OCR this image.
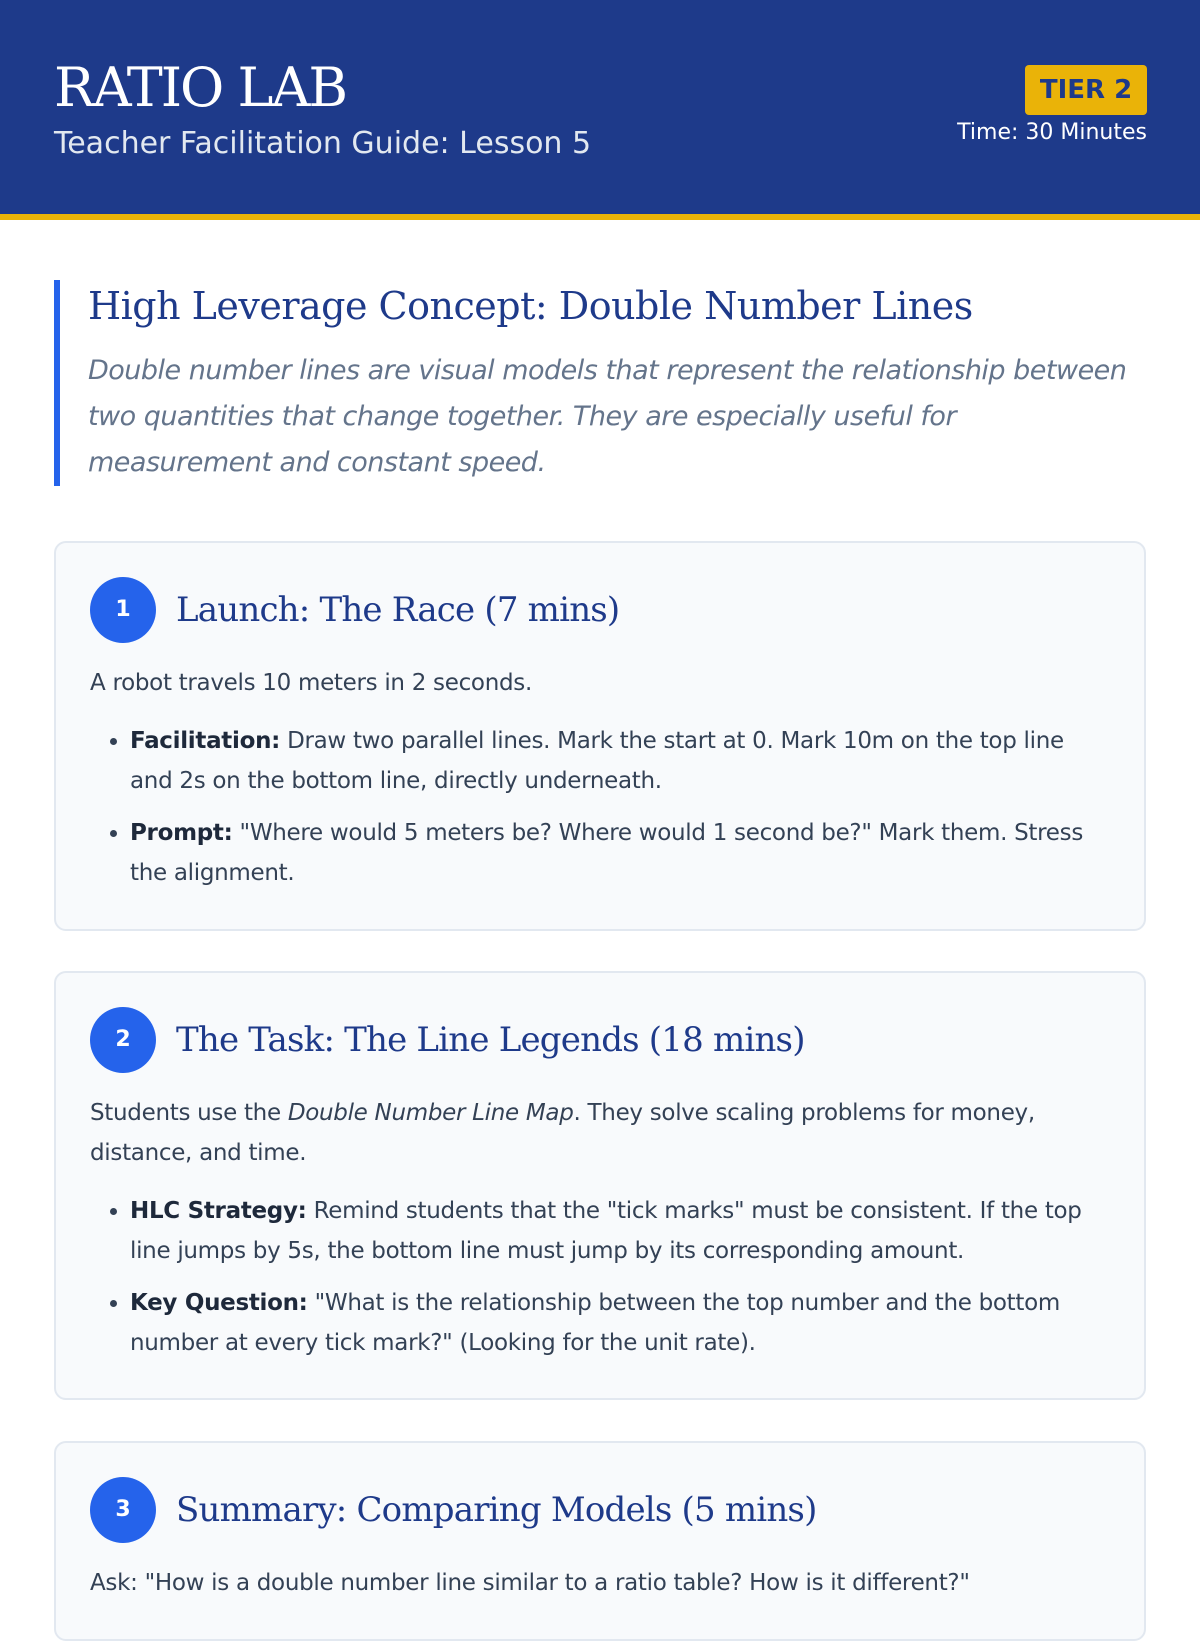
RATIO LAB
Teacher Facilitation Guide: Lesson 5
TIER 2
Time: 30 Minutes
High Leverage Concept: Double Number Lines

Double number lines are visual models that represent the relationship between two quantities that change together. They are especially useful for measurement and constant speed.

1	Launch: The Race (7 mins)

A robot travels 10 meters in 2 seconds.

• Facilitation: Draw two parallel lines. Mark the start at 0. Mark 10m on the top line and 2s on the bottom line, directly underneath.
• Prompt: "Where would 5 meters be? Where would 1 second be?" Mark them. Stress the alignment.
2	The Task: The Line Legends (18 mins)

Students use the Double Number Line Map. They solve scaling problems for money, distance, and time.

• HLC Strategy: Remind students that the "tick marks" must be consistent. If the top line jumps by 5s, the bottom line must jump by its corresponding amount.
• Key Question: "What is the relationship between the top number and the bottom number at every tick mark?" (Looking for the unit rate).
3	Summary: Comparing Models (5 mins)

Ask: "How is a double number line similar to a ratio table? How is it different?"
